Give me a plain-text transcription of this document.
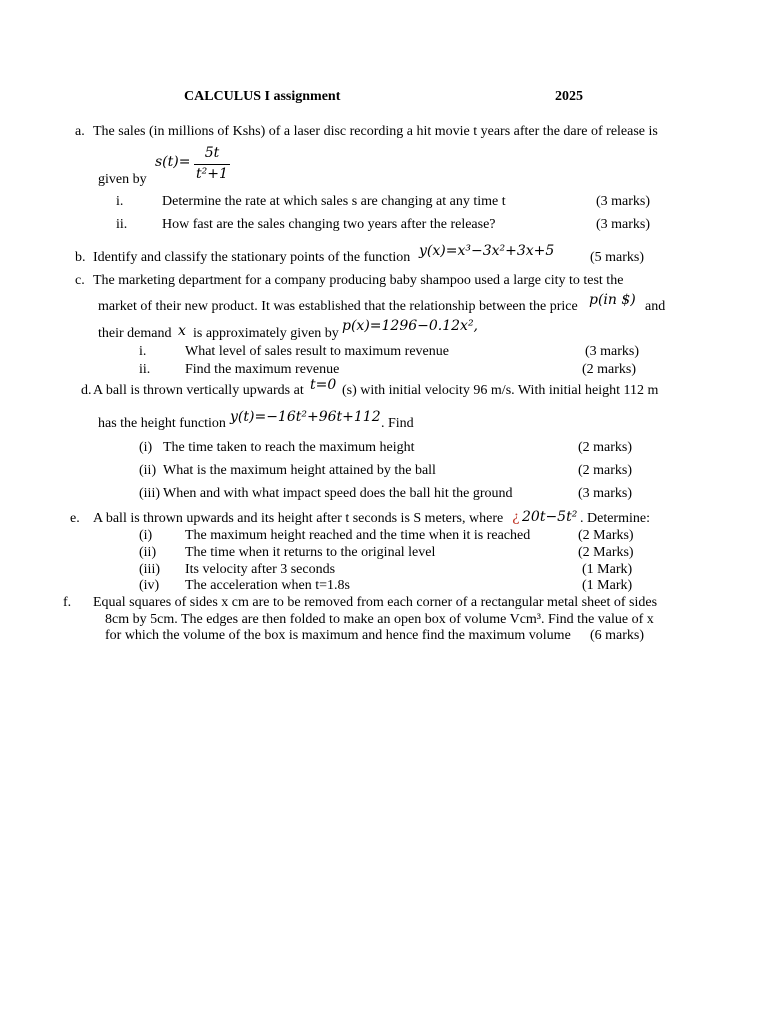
CALCULUS I assignment	2025
a. The sales (in millions of Kshs) of a laser disc recording a hit movie t years after the dare of release is
given by
s(t)=
5t
t²+1
i.	Determine the rate at which sales s are changing at any time t	(3 marks)
ii. How fast are the sales changing two years after the release?	(3 marks)
b. Identify and classify the stationary points of the function y(x)=x³−3x²+3x+5	(5 marks)
c. The marketing department for a company producing baby shampoo used a large city to test the
market of their new product. It was established that the relationship between the price p(in $) and
their demand x is approximately given by p(x)=1296−0.12x²,
i.	What level of sales result to maximum revenue	(3 marks)
ii. Find the maximum revenue	(2 marks)
d. A ball is thrown vertically upwards at t=0 (s) with initial velocity 96 m/s. With initial height 112 m
has the height function y(t)=−16t²+96t+112 . Find
(i) The time taken to reach the maximum height	(2 marks)
(ii) What is the maximum height attained by the ball	(2 marks)
(iii) When and with what impact speed does the ball hit the ground	(3 marks)
e. A ball is thrown upwards and its height after t seconds is S meters, where ¿ 20t−5t² . Determine:
(i) The maximum height reached and the time when it is reached	(2 Marks)
(ii) The time when it returns to the original level	(2 Marks)
(iii) Its velocity after 3 seconds	(1 Mark)
(iv) The acceleration when t=1.8s	(1 Mark)
f. Equal squares of sides x cm are to be removed from each corner of a rectangular metal sheet of sides
8cm by 5cm. The edges are then folded to make an open box of volume Vcm³. Find the value of x
for which the volume of the box is maximum and hence find the maximum volume (6 marks)
